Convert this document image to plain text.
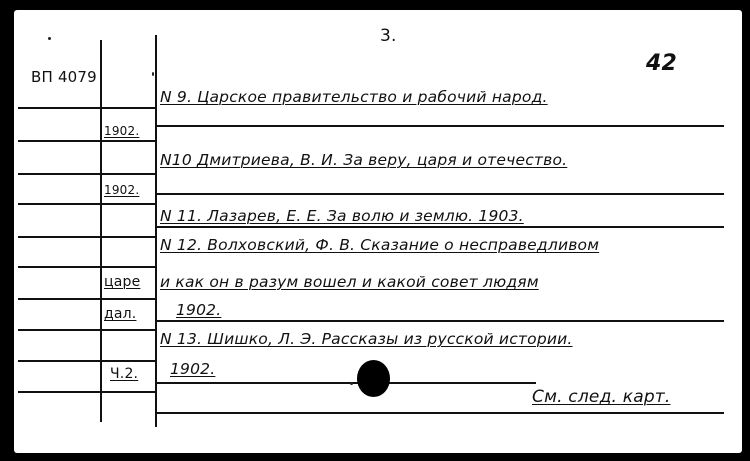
3.
42
ВП 4079
1902.
1902.
царе
дал.
Ч.2.
N 9. Царское правительство и рабочий народ.
N10 Дмитриева, В. И. За веру, царя и отечество.
N 11. Лазарев, Е. Е. За волю и землю. 1903.
N 12. Волховский, Ф. В. Сказание о несправедливом
и как он в разум вошел и какой совет людям
1902.
N 13. Шишко, Л. Э. Рассказы из русской истории.
1902.
См. след. карт.
